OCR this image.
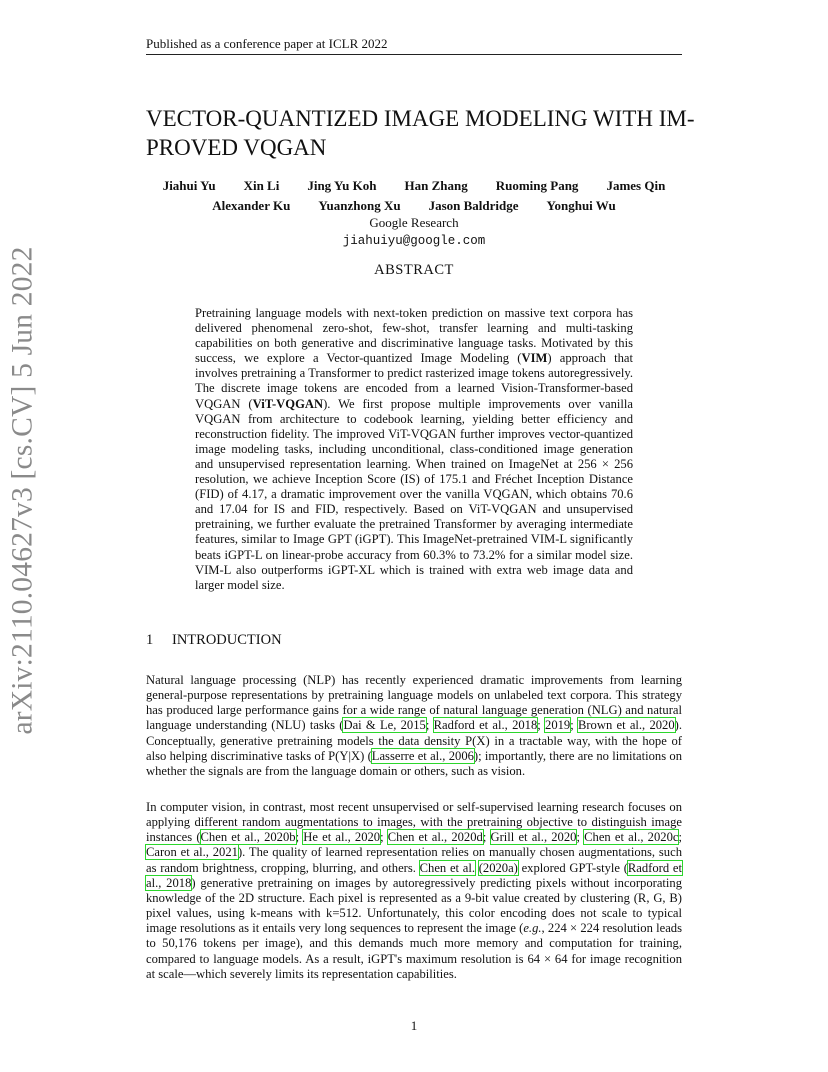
Published as a conference paper at ICLR 2022
arXiv:2110.04627v3 [cs.CV] 5 Jun 2022
VECTOR-QUANTIZED IMAGE MODELING WITH IM-
PROVED VQGAN
Jiahui Yu Xin Li Jing Yu Koh Han Zhang Ruoming Pang James Qin
Alexander Ku Yuanzhong Xu Jason Baldridge Yonghui Wu
Google Research
jiahuiyu@google.com
ABSTRACT
Pretraining language models with next-token prediction on massive text corpora has delivered phenomenal zero-shot, few-shot, transfer learning and multi-tasking capabilities on both generative and discriminative language tasks. Motivated by this success, we explore a Vector-quantized Image Modeling (VIM) approach that involves pretraining a Transformer to predict rasterized image tokens autoregressively. The discrete image tokens are encoded from a learned Vision-Transformer-based VQGAN (ViT-VQGAN). We first propose multiple improvements over vanilla VQGAN from architecture to codebook learning, yielding better efficiency and reconstruction fidelity. The improved ViT-VQGAN further improves vector-quantized image modeling tasks, including unconditional, class-conditioned image generation and unsupervised representation learning. When trained on ImageNet at 256 × 256 resolution, we achieve Inception Score (IS) of 175.1 and Fréchet Inception Distance (FID) of 4.17, a dramatic improvement over the vanilla VQGAN, which obtains 70.6 and 17.04 for IS and FID, respectively. Based on ViT-VQGAN and unsupervised pretraining, we further evaluate the pretrained Transformer by averaging intermediate features, similar to Image GPT (iGPT). This ImageNet-pretrained VIM-L significantly beats iGPT-L on linear-probe accuracy from 60.3% to 73.2% for a similar model size. VIM-L also outperforms iGPT-XL which is trained with extra web image data and larger model size.
1 INTRODUCTION
Natural language processing (NLP) has recently experienced dramatic improvements from learning general-purpose representations by pretraining language models on unlabeled text corpora. This strategy has produced large performance gains for a wide range of natural language generation (NLG) and natural language understanding (NLU) tasks (Dai & Le, 2015; Radford et al., 2018; 2019; Brown et al., 2020). Conceptually, generative pretraining models the data density P(X) in a tractable way, with the hope of also helping discriminative tasks of P(Y|X) (Lasserre et al., 2006); importantly, there are no limitations on whether the signals are from the language domain or others, such as vision.
In computer vision, in contrast, most recent unsupervised or self-supervised learning research focuses on applying different random augmentations to images, with the pretraining objective to distinguish image instances (Chen et al., 2020b; He et al., 2020; Chen et al., 2020d; Grill et al., 2020; Chen et al., 2020c; Caron et al., 2021). The quality of learned representation relies on manually chosen augmentations, such as random brightness, cropping, blurring, and others. Chen et al. (2020a) explored GPT-style (Radford et al., 2018) generative pretraining on images by autoregressively predicting pixels without incorporating knowledge of the 2D structure. Each pixel is represented as a 9-bit value created by clustering (R, G, B) pixel values, using k-means with k=512. Unfortunately, this color encoding does not scale to typical image resolutions as it entails very long sequences to represent the image (e.g., 224 × 224 resolution leads to 50,176 tokens per image), and this demands much more memory and computation for training, compared to language models. As a result, iGPT's maximum resolution is 64 × 64 for image recognition at scale—which severely limits its representation capabilities.
1
